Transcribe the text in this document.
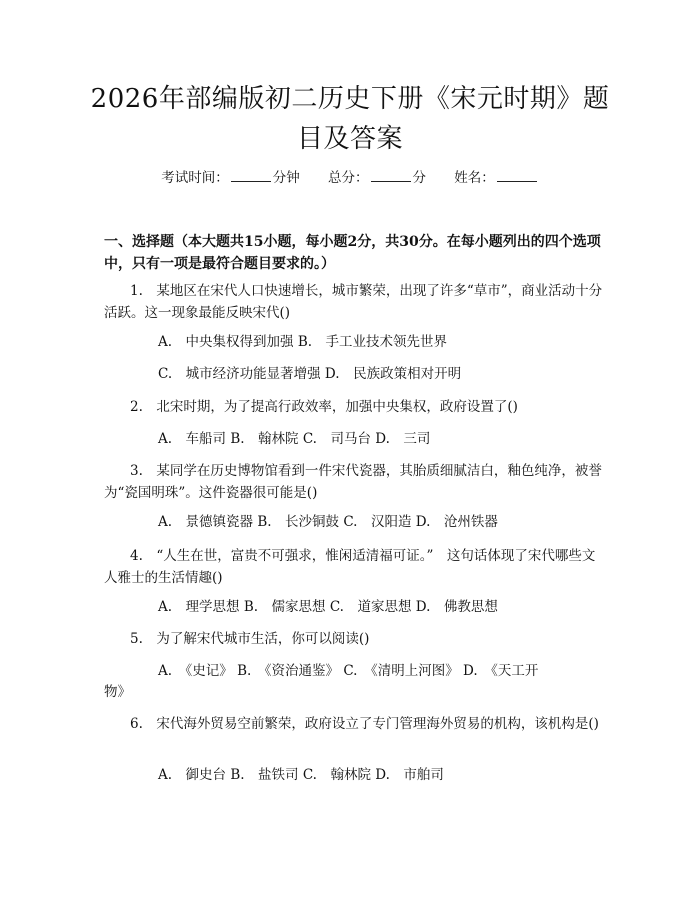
2026年部编版初二历史下册《宋元时期》题
目及答案
考试时间：	分钟 总分：	分 姓名：
一、选择题（本大题共15小题，每小题2分，共30分。在每小题列出的四个选项中，只有一项是最符合题目要求的。）
1.　某地区在宋代人口快速增长，城市繁荣，出现了许多“草市”，商业活动十分活跃。这一现象最能反映宋代()
A.　中央集权得到加强 B.　手工业技术领先世界
C.　城市经济功能显著增强 D.　民族政策相对开明
2.　北宋时期，为了提高行政效率，加强中央集权，政府设置了()
A.　车船司 B.　翰林院 C.　司马台 D.　三司
3.　某同学在历史博物馆看到一件宋代瓷器，其胎质细腻洁白，釉色纯净，被誉为“瓷国明珠”。这件瓷器很可能是()
A.　景德镇瓷器 B.　长沙铜鼓 C.　汉阳造 D.　沧州铁器
4.　“人生在世，富贵不可强求，惟闲适清福可证。”　这句话体现了宋代哪些文人雅士的生活情趣()
A.　理学思想 B.　儒家思想 C.　道家思想 D.　佛教思想
5.　为了解宋代城市生活，你可以阅读()
A.　《史记》 B.　《资治通鉴》 C.　《清明上河图》 D.　《天工开
物》
6.　宋代海外贸易空前繁荣，政府设立了专门管理海外贸易的机构，该机构是()
A.　御史台 B.　盐铁司 C.　翰林院 D.　市舶司
